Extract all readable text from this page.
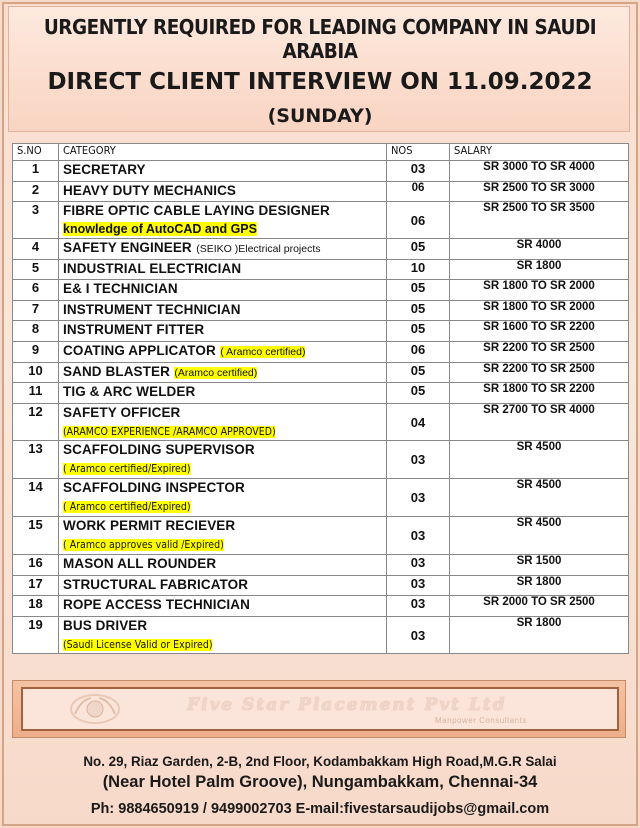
URGENTLY REQUIRED FOR LEADING COMPANY IN SAUDI ARABIA
DIRECT CLIENT INTERVIEW ON 11.09.2022
(SUNDAY)
S.NO	CATEGORY	NOS	SALARY
1	SECRETARY	03	SR 3000 TO SR 4000
2	HEAVY DUTY MECHANICS	06	SR 2500 TO SR 3000
3	FIBRE OPTIC CABLE LAYING DESIGNER
knowledge of AutoCAD and GPS	06	SR 2500 TO SR 3500
4	SAFETY ENGINEER (SEIKO )Electrical projects	05	SR 4000
5	INDUSTRIAL ELECTRICIAN	10	SR 1800
6	E& I TECHNICIAN	05	SR 1800 TO SR 2000
7	INSTRUMENT TECHNICIAN	05	SR 1800 TO SR 2000
8	INSTRUMENT FITTER	05	SR 1600 TO SR 2200
9	COATING APPLICATOR ( Aramco certified)	06	SR 2200 TO SR 2500
10	SAND BLASTER (Aramco certified)	05	SR 2200 TO SR 2500
11	TIG & ARC WELDER	05	SR 1800 TO SR 2200
12	SAFETY OFFICER
(ARAMCO EXPERIENCE /ARAMCO APPROVED)	04	SR 2700 TO SR 4000
13	SCAFFOLDING SUPERVISOR
( Aramco certified/Expired)	03	SR 4500
14	SCAFFOLDING INSPECTOR
( Aramco certified/Expired)	03	SR 4500
15	WORK PERMIT RECIEVER
( Aramco approves valid /Expired)	03	SR 4500
16	MASON ALL ROUNDER	03	SR 1500
17	STRUCTURAL FABRICATOR	03	SR 1800
18	ROPE ACCESS TECHNICIAN	03	SR 2000 TO SR 2500
19	BUS DRIVER
(Saudi License Valid or Expired)	03	SR 1800
Five Star Placement Pvt Ltd
Manpower Consultants
No. 29, Riaz Garden, 2-B, 2nd Floor, Kodambakkam High Road,M.G.R Salai
(Near Hotel Palm Groove), Nungambakkam, Chennai-34
Ph: 9884650919 / 9499002703 E-mail:fivestarsaudijobs@gmail.com
